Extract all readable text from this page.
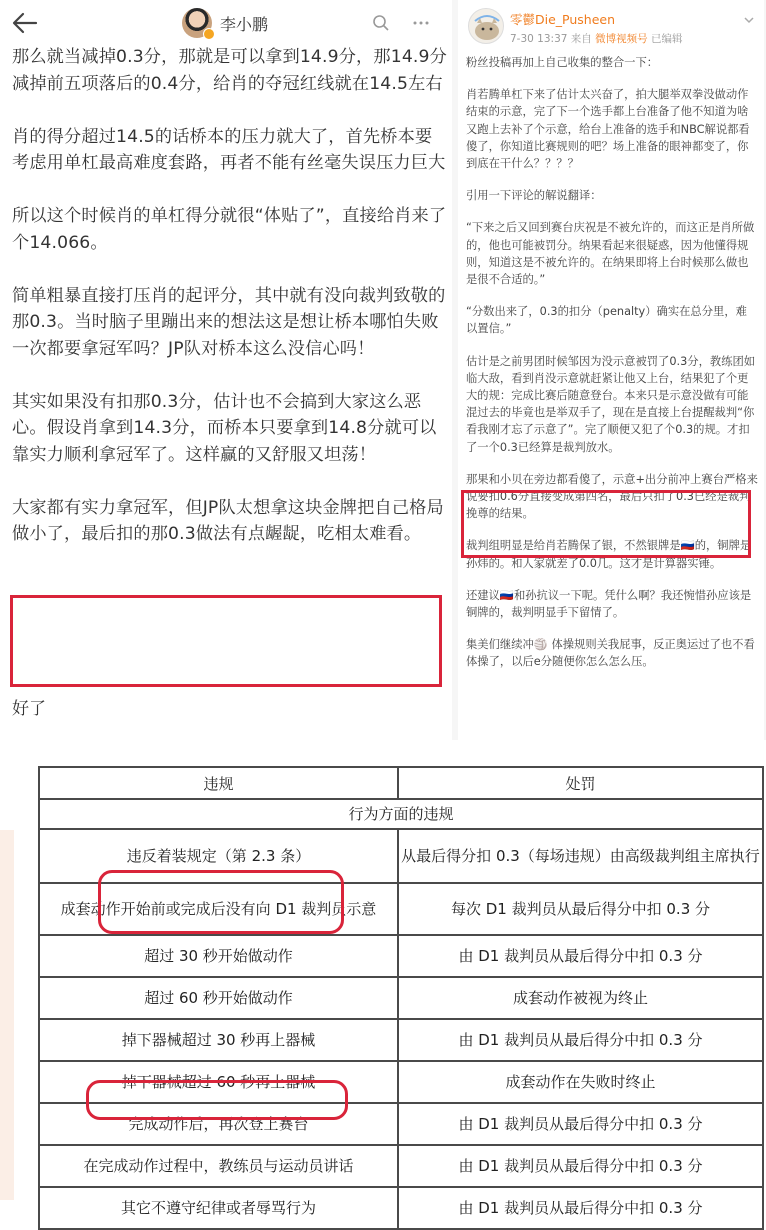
李小鹏

那么就当减掉0.3分，那就是可以拿到14.9分，那14.9分减掉前五项落后的0.4分，给肖的夺冠红线就在14.5左右

肖的得分超过14.5的话桥本的压力就大了，首先桥本要考虑用单杠最高难度套路，再者不能有丝毫失误压力巨大

所以这个时候肖的单杠得分就很“体贴了”，直接给肖来了个14.066。

简单粗暴直接打压肖的起评分，其中就有没向裁判致敬的那0.3。当时脑子里蹦出来的想法这是想让桥本哪怕失败一次都要拿冠军吗？JP队对桥本这么没信心吗！

其实如果没有扣那0.3分，估计也不会搞到大家这么恶心。假设肖拿到14.3分，而桥本只要拿到14.8分就可以靠实力顺利拿冠军了。这样赢的又舒服又坦荡！

大家都有实力拿冠军，但JP队太想拿这块金牌把自己格局做小了，最后扣的那0.3做法有点龌龊，吃相太难看。

好了
零鬱Die_Pusheen
7-30 13:37 来自 微博视频号 已编辑

粉丝投稿再加上自己收集的整合一下：

肖若腾单杠下来了估计太兴奋了，拍大腿举双拳没做动作结束的示意，完了下一个选手都上台准备了他不知道为啥又跑上去补了个示意，给台上准备的选手和NBC解说都看傻了，你知道比赛规则的吧？场上准备的眼神都变了，你到底在干什么？？？？

引用一下评论的解说翻译：

“下来之后又回到赛台庆祝是不被允许的，而这正是肖所做的，他也可能被罚分。纳果看起来很疑惑，因为他懂得规则，知道这是不被允许的。在纳果即将上台时候那么做也是很不合适的。”

“分数出来了，0.3的扣分（penalty）确实在总分里，难以置信。”

估计是之前男团时候邹因为没示意被罚了0.3分，教练团如临大敌，看到肖没示意就赶紧让他又上台，结果犯了个更大的规：完成比赛后随意登台。本来只是示意没做有可能混过去的毕竟也是举双手了，现在是直接上台提醒裁判“你看我刚才忘了示意了”。完了顺便又犯了个0.3的规。才扣了一个0.3已经算是裁判放水。

那果和小贝在旁边都看傻了，示意+出分前冲上赛台严格来说要扣0.6分直接变成第四名，最后只扣了0.3已经是裁判挽尊的结果。

裁判组明显是给肖若腾保了银，不然银牌是🇷🇺的，铜牌是孙炜的。和人家就差了0.0几。这才是计算器实锤。

还建议🇷🇺和孙抗议一下呢。凭什么啊？我还惋惜孙应该是铜牌的，裁判明显手下留情了。

集美们继续冲🏐 体操规则关我屁事，反正奥运过了也不看体操了，以后e分随便你怎么怎么压。

违规	处罚
行为方面的违规	
违反着装规定（第 2.3 条）	从最后得分扣 0.3（每场违规）由高级裁判组主席执行
成套动作开始前或完成后没有向 D1 裁判员示意	每次 D1 裁判员从最后得分中扣 0.3 分
超过 30 秒开始做动作	由 D1 裁判员从最后得分中扣 0.3 分
超过 60 秒开始做动作	成套动作被视为终止
掉下器械超过 30 秒再上器械	由 D1 裁判员从最后得分中扣 0.3 分
掉下器械超过 60 秒再上器械	成套动作在失败时终止
完成动作后，再次登上赛台	由 D1 裁判员从最后得分中扣 0.3 分
在完成动作过程中，教练员与运动员讲话	由 D1 裁判员从最后得分中扣 0.3 分
其它不遵守纪律或者辱骂行为	由 D1 裁判员从最后得分中扣 0.3 分
